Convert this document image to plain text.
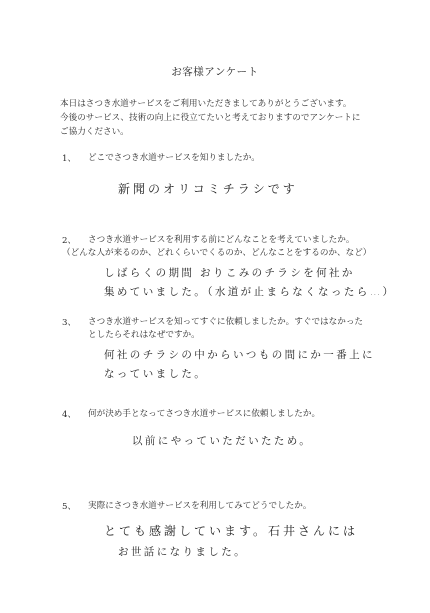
お客様アンケート
本日はさつき水道サービスをご利用いただきましてありがとうございます。
今後のサービス、技術の向上に役立てたいと考えておりますのでアンケートに
ご協力ください。
1、 どこでさつき水道サービスを知りましたか。
新聞のオリコミチラシです
2、 さつき水道サービスを利用する前にどんなことを考えていましたか。
（どんな人が来るのか、どれくらいでくるのか、どんなことをするのか、など）
しばらくの期間 おりこみのチラシを何社か
集めていました。（水道が止まらなくなったら…）
3、 さつき水道サービスを知ってすぐに依頼しましたか。すぐではなかった
としたらそれはなぜですか。
何社のチラシの中からいつもの間にか一番上に
なっていました。
4、 何が決め手となってさつき水道サービスに依頼しましたか。
以前にやっていただいたため。
5、 実際にさつき水道サービスを利用してみてどうでしたか。
とても感謝しています。石井さんには
お世話になりました。
